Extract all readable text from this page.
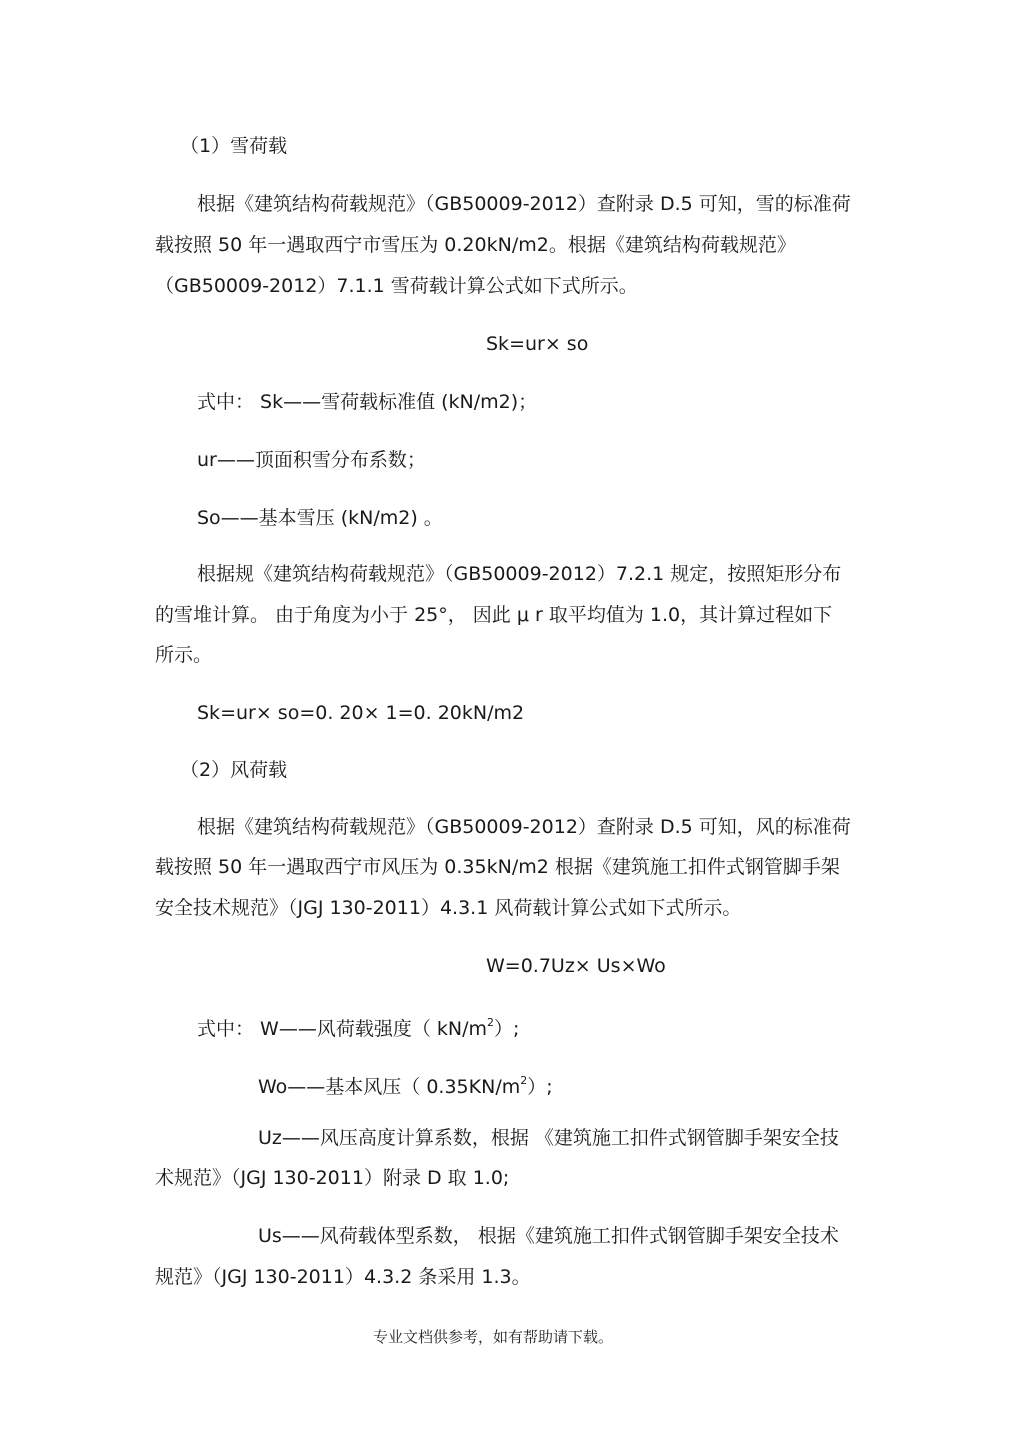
（1）雪荷载
根据《建筑结构荷载规范》（GB50009-2012）查附录 D.5 可知，雪的标准荷
载按照 50 年一遇取西宁市雪压为 0.20kN/m2。根据《建筑结构荷载规范》
（GB50009-2012）7.1.1 雪荷载计算公式如下式所示。
Sk=ur× so
式中： Sk——雪荷载标准值 (kN/m2)；
ur——顶面积雪分布系数；
So——基本雪压 (kN/m2) 。
根据规《建筑结构荷载规范》（GB50009-2012）7.2.1 规定，按照矩形分布
的雪堆计算。 由于角度为小于 25°， 因此 μ r 取平均值为 1.0，其计算过程如下
所示。
Sk=ur× so=0. 20× 1=0. 20kN/m2
（2）风荷载
根据《建筑结构荷载规范》（GB50009-2012）查附录 D.5 可知，风的标准荷
载按照 50 年一遇取西宁市风压为 0.35kN/m2 根据《建筑施工扣件式钢管脚手架
安全技术规范》（JGJ 130-2011）4.3.1 风荷载计算公式如下式所示。
W=0.7Uz× Us×Wo
式中： W——风荷载强度（ $kN/m^2$）;
Wo——基本风压（ $0.35KN/m^2$）;
Uz——风压高度计算系数，根据 《建筑施工扣件式钢管脚手架安全技
术规范》（JGJ 130-2011）附录 D 取 1.0;
Us——风荷载体型系数， 根据《建筑施工扣件式钢管脚手架安全技术
规范》（JGJ 130-2011）4.3.2 条采用 1.3。
专业文档供参考，如有帮助请下载。
